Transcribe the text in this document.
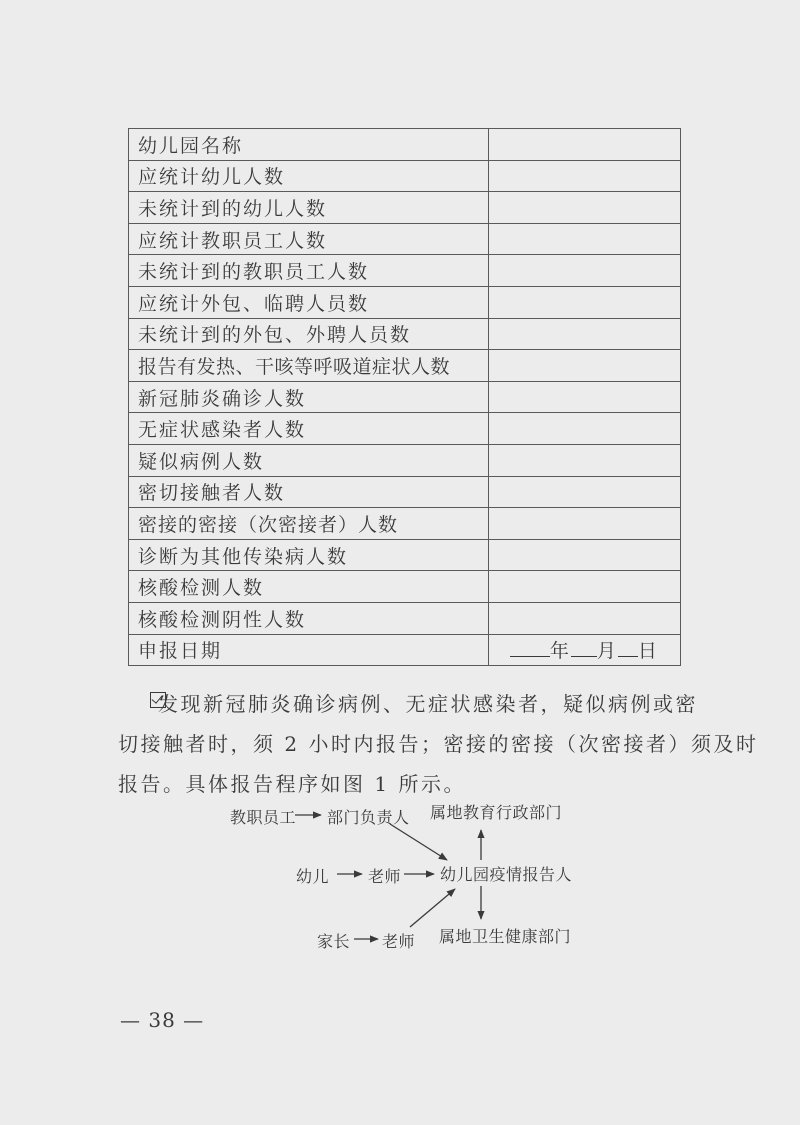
幼儿园名称	
应统计幼儿人数	
未统计到的幼儿人数	
应统计教职员工人数	
未统计到的教职员工人数	
应统计外包、临聘人员数	
未统计到的外包、外聘人员数	
报告有发热、干咳等呼吸道症状人数	
新冠肺炎确诊人数	
无症状感染者人数	
疑似病例人数	
密切接触者人数	
密接的密接（次密接者）人数	
诊断为其他传染病人数	
核酸检测人数	
核酸检测阴性人数	
申报日期	年 月 日
发现新冠肺炎确诊病例、无症状感染者，疑似病例或密
切接触者时，须 2 小时内报告；密接的密接（次密接者）须及时
报告。具体报告程序如图 1 所示。
教职员工 部门负责人 属地教育行政部门
幼儿 老师 幼儿园疫情报告人
家长 老师 属地卫生健康部门
— 38 —
